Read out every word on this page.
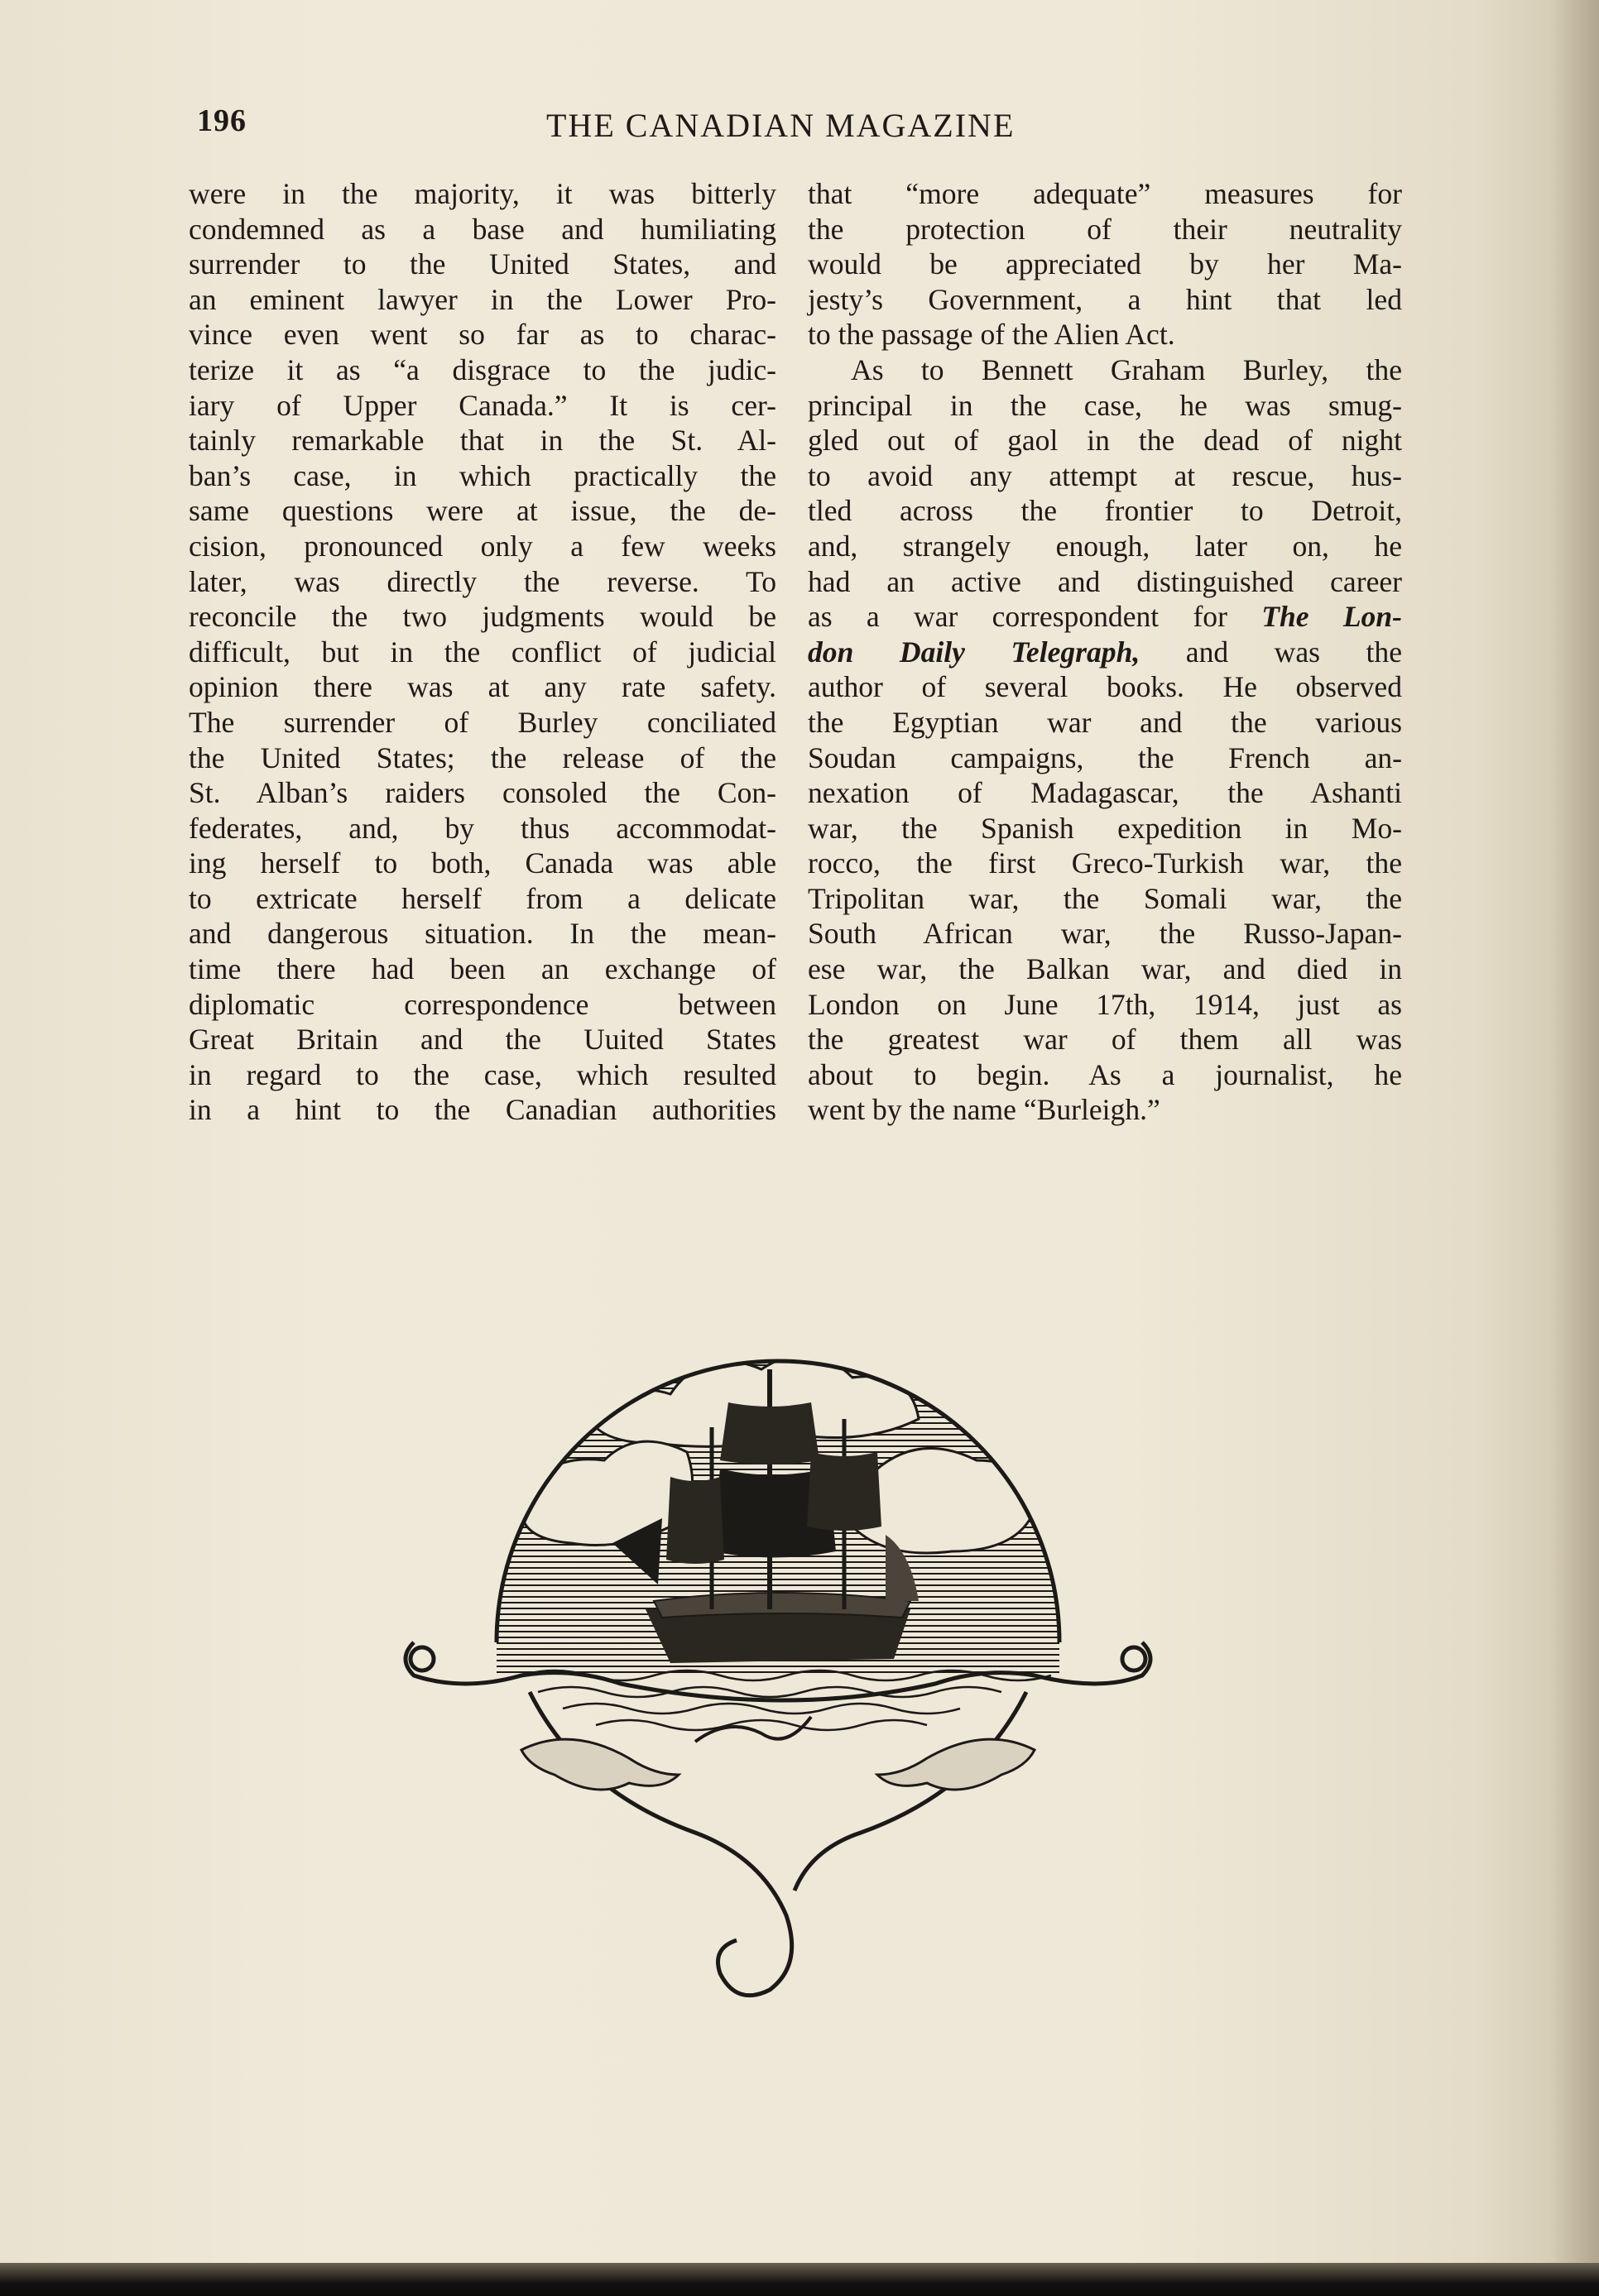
196	THE CANADIAN MAGAZINE
were in the majority, it was bitterly
condemned as a base and humiliating
surrender to the United States, and
an eminent lawyer in the Lower Pro-
vince even went so far as to charac-
terize it as “a disgrace to the judic-
iary of Upper Canada.” It is cer-
tainly remarkable that in the St. Al-
ban’s case, in which practically the
same questions were at issue, the de-
cision, pronounced only a few weeks
later, was directly the reverse. To
reconcile the two judgments would be
difficult, but in the conflict of judicial
opinion there was at any rate safety.
The surrender of Burley conciliated
the United States; the release of the
St. Alban’s raiders consoled the Con-
federates, and, by thus accommodat-
ing herself to both, Canada was able
to extricate herself from a delicate
and dangerous situation. In the mean-
time there had been an exchange of
diplomatic correspondence between
Great Britain and the Uuited States
in regard to the case, which resulted
in a hint to the Canadian authorities
that “more adequate” measures for
the protection of their neutrality
would be appreciated by her Ma-
jesty’s Government, a hint that led
to the passage of the Alien Act.
As to Bennett Graham Burley, the
principal in the case, he was smug-
gled out of gaol in the dead of night
to avoid any attempt at rescue, hus-
tled across the frontier to Detroit,
and, strangely enough, later on, he
had an active and distinguished career
as a war correspondent for The Lon-
don Daily Telegraph, and was the
author of several books. He observed
the Egyptian war and the various
Soudan campaigns, the French an-
nexation of Madagascar, the Ashanti
war, the Spanish expedition in Mo-
rocco, the first Greco-Turkish war, the
Tripolitan war, the Somali war, the
South African war, the Russo-Japan-
ese war, the Balkan war, and died in
London on June 17th, 1914, just as
the greatest war of them all was
about to begin. As a journalist, he
went by the name “Burleigh.”
